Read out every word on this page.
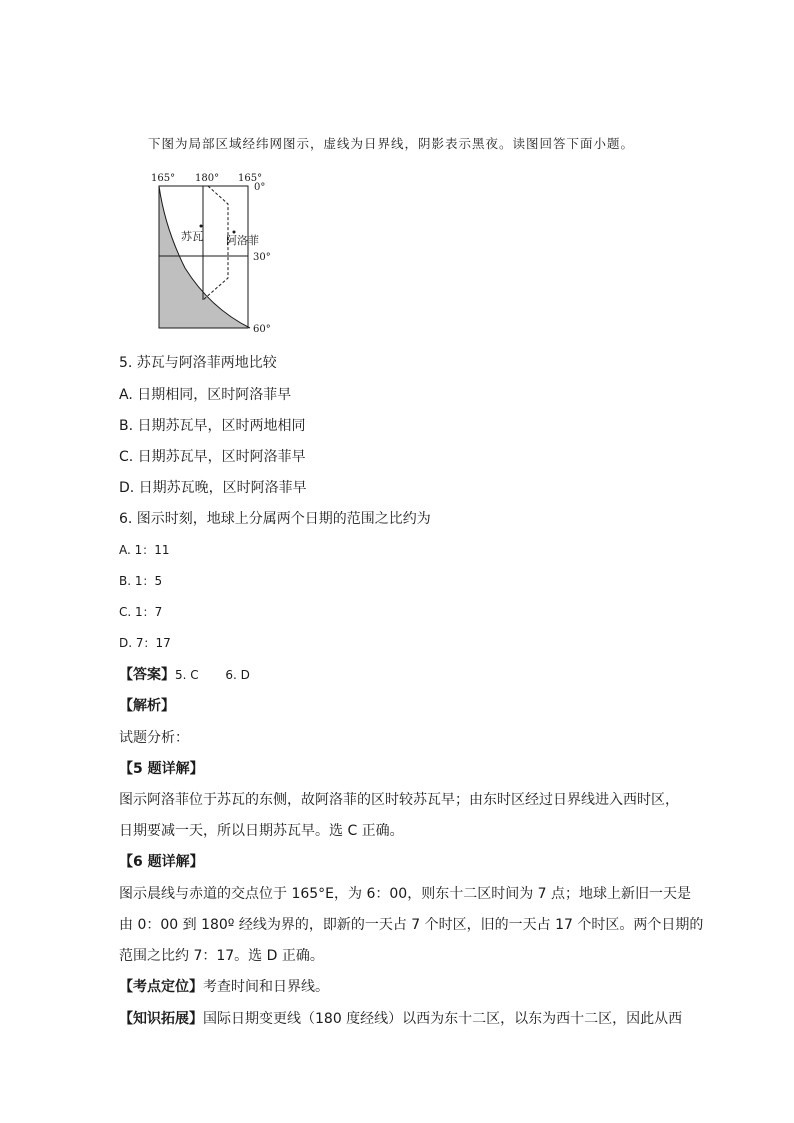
下图为局部区域经纬网图示，虚线为日界线，阴影表示黑夜。读图回答下面小题。
苏瓦 阿洛菲
165° 180° 165°
0°
30°
60°
5. 苏瓦与阿洛菲两地比较
A. 日期相同，区时阿洛菲早
B. 日期苏瓦早，区时两地相同
C. 日期苏瓦早，区时阿洛菲早
D. 日期苏瓦晚，区时阿洛菲早
6. 图示时刻，地球上分属两个日期的范围之比约为
A. 1：11
B. 1：5
C. 1：7
D. 7：17
【答案】5. C       6. D
【解析】
试题分析：
【5 题详解】
图示阿洛菲位于苏瓦的东侧，故阿洛菲的区时较苏瓦早；由东时区经过日界线进入西时区，
日期要减一天，所以日期苏瓦早。选 C 正确。
【6 题详解】
图示晨线与赤道的交点位于 165°E，为 6：00，则东十二区时间为 7 点；地球上新旧一天是
由 0：00 到 180º 经线为界的，即新的一天占 7 个时区，旧的一天占 17 个时区。两个日期的
范围之比约 7：17。选 D 正确。
【考点定位】考查时间和日界线。
【知识拓展】国际日期变更线（180 度经线）以西为东十二区，以东为西十二区，因此从西
